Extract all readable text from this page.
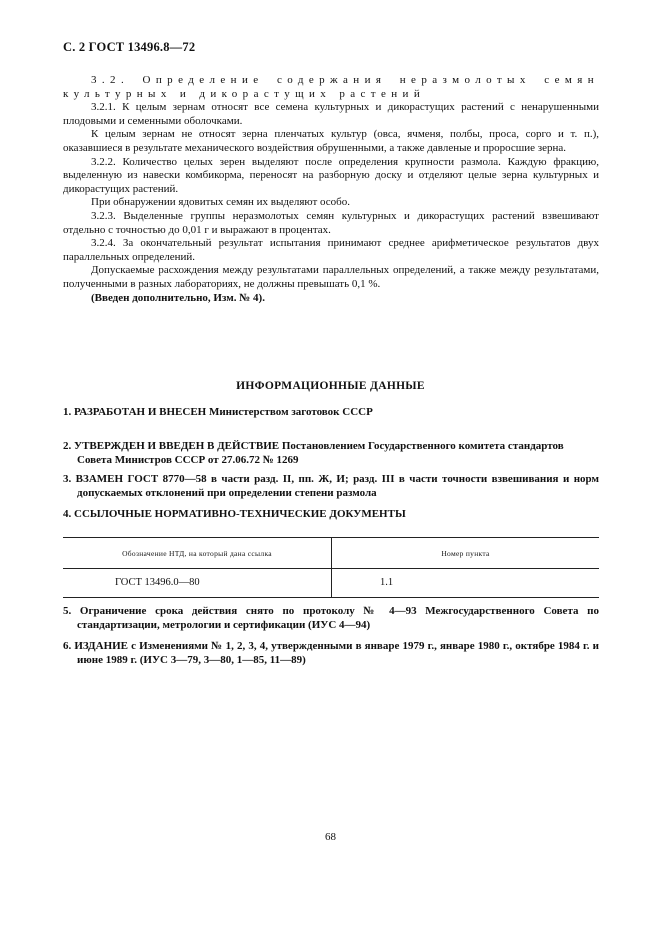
С. 2 ГОСТ 13496.8—72

3.2. Определение содержания неразмолотых семян культурных и дикорастущих растений

3.2.1. К целым зернам относят все семена культурных и дикорастущих растений с ненарушенными плодовыми и семенными оболочками.

К целым зернам не относят зерна пленчатых культур (овса, ячменя, полбы, проса, сорго и т. п.), оказавшиеся в результате механического воздействия обрушенными, а также давленые и проросшие зерна.

3.2.2. Количество целых зерен выделяют после определения крупности размола. Каждую фракцию, выделенную из навески комбикорма, переносят на разборную доску и отделяют целые зерна культурных и дикорастущих растений.

При обнаружении ядовитых семян их выделяют особо.

3.2.3. Выделенные группы неразмолотых семян культурных и дикорастущих растений взвешивают отдельно с точностью до 0,01 г и выражают в процентах.

3.2.4. За окончательный результат испытания принимают среднее арифметическое результатов двух параллельных определений.

Допускаемые расхождения между результатами параллельных определений, а также между результатами, полученными в разных лабораториях, не должны превышать 0,1 %.

(Введен дополнительно, Изм. № 4).

ИНФОРМАЦИОННЫЕ ДАННЫЕ
1. РАЗРАБОТАН И ВНЕСЕН Министерством заготовок СССР
2. УТВЕРЖДЕН И ВВЕДЕН В ДЕЙСТВИЕ Постановлением Государственного комитета стандартов
Совета Министров СССР от 27.06.72 № 1269
3. ВЗАМЕН ГОСТ 8770—58 в части разд. II, пп. Ж, И; разд. III в части точности взвешивания и норм допускаемых отклонений при определении степени размола
4. ССЫЛОЧНЫЕ НОРМАТИВНО-ТЕХНИЧЕСКИЕ ДОКУМЕНТЫ
Обозначение НТД, на который дана ссылка	Номер пункта
ГОСТ 13496.0—80	1.1
5. Ограничение срока действия снято по протоколу № 4—93 Межгосударственного Совета по стандартизации, метрологии и сертификации (ИУС 4—94)
6. ИЗДАНИЕ с Изменениями № 1, 2, 3, 4, утвержденными в январе 1979 г., январе 1980 г., октябре 1984 г. и июне 1989 г. (ИУС 3—79, 3—80, 1—85, 11—89)
68
